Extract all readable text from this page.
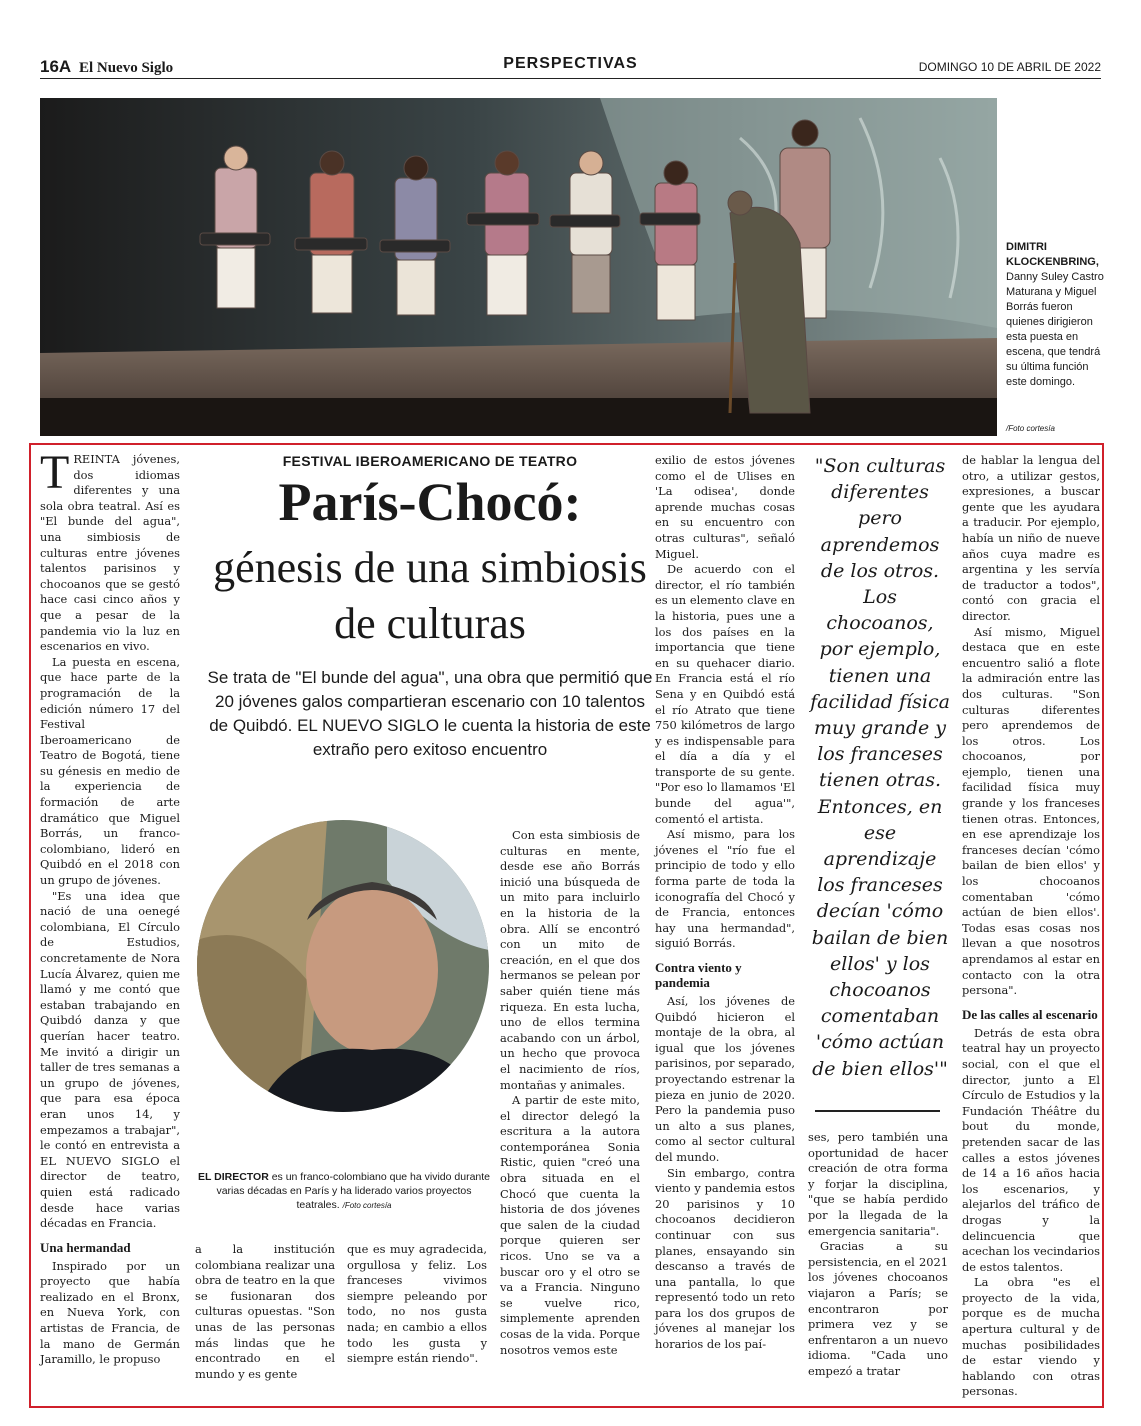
16A El Nuevo Siglo	PERSPECTIVAS	DOMINGO 10 DE ABRIL DE 2022
DIMITRI KLOCKENBRING, Danny Suley Castro Maturana y Miguel Borrás fueron quienes dirigieron esta puesta en escena, que tendrá su última función este domingo.
/Foto cortesía

TREINTA jóvenes, dos idiomas diferentes y una sola obra teatral. Así es "El bunde del agua", una simbiosis de culturas entre jóvenes talentos parisinos y chocoanos que se gestó hace casi cinco años y que a pesar de la pandemia vio la luz en escenarios en vivo.

La puesta en escena, que hace parte de la programación de la edición número 17 del Festival Iberoamericano de Teatro de Bogotá, tiene su génesis en medio de la experiencia de formación de arte dramático que Miguel Borrás, un franco-colombiano, lideró en Quibdó en el 2018 con un grupo de jóvenes.

"Es una idea que nació de una oenegé colombiana, El Círculo de Estudios, concretamente de Nora Lucía Álvarez, quien me llamó y me contó que estaban trabajando en Quibdó danza y que querían hacer teatro. Me invitó a dirigir un taller de tres semanas a un grupo de jóvenes, que para esa época eran unos 14, y empezamos a trabajar", le contó en entrevista a EL NUEVO SIGLO el director de teatro, quien está radicado desde hace varias décadas en Francia.

Una hermandad

Inspirado por un proyecto que había realizado en el Bronx, en Nueva York, con artistas de Francia, de la mano de Germán Jaramillo, le propuso

FESTIVAL IBEROAMERICANO DE TEATRO
París-Chocó:
génesis de una simbiosis de culturas
Se trata de "El bunde del agua", una obra que permitió que 20 jóvenes galos compartieran escenario con 10 talentos de Quibdó. EL NUEVO SIGLO le cuenta la historia de este extraño pero exitoso encuentro
EL DIRECTOR es un franco-colombiano que ha vivido durante varias décadas en París y ha liderado varios proyectos teatrales. /Foto cortesía

a la institución colombiana realizar una obra de teatro en la que se fusionaran dos culturas opuestas. "Son unas de las personas más lindas que he encontrado en el mundo y es gente

que es muy agradecida, orgullosa y feliz. Los franceses vivimos siempre peleando por todo, no nos gusta nada; en cambio a ellos todo les gusta y siempre están riendo".

Con esta simbiosis de culturas en mente, desde ese año Borrás inició una búsqueda de un mito para incluirlo en la historia de la obra. Allí se encontró con un mito de creación, en el que dos hermanos se pelean por saber quién tiene más riqueza. En esta lucha, uno de ellos termina acabando con un árbol, un hecho que provoca el nacimiento de ríos, montañas y animales.

A partir de este mito, el director delegó la escritura a la autora contemporánea Sonia Ristic, quien "creó una obra situada en el Chocó que cuenta la historia de dos jóvenes que salen de la ciudad porque quieren ser ricos. Uno se va a buscar oro y el otro se va a Francia. Ninguno se vuelve rico, simplemente aprenden cosas de la vida. Porque nosotros vemos este

exilio de estos jóvenes como el de Ulises en 'La odisea', donde aprende muchas cosas en su encuentro con otras culturas", señaló Miguel.

De acuerdo con el director, el río también es un elemento clave en la historia, pues une a los dos países en la importancia que tiene en su quehacer diario. En Francia está el río Sena y en Quibdó está el río Atrato que tiene 750 kilómetros de largo y es indispensable para el día a día y el transporte de su gente. "Por eso lo llamamos 'El bunde del agua'", comentó el artista.

Así mismo, para los jóvenes el "río fue el principio de todo y ello forma parte de toda la iconografía del Chocó y de Francia, entonces hay una hermandad", siguió Borrás.

Contra viento y pandemia

Así, los jóvenes de Quibdó hicieron el montaje de la obra, al igual que los jóvenes parisinos, por separado, proyectando estrenar la pieza en junio de 2020. Pero la pandemia puso un alto a sus planes, como al sector cultural del mundo.

Sin embargo, contra viento y pandemia estos 20 parisinos y 10 chocoanos decidieron continuar con sus planes, ensayando sin descanso a través de una pantalla, lo que representó todo un reto para los dos grupos de jóvenes al manejar los horarios de los paí-

"Son culturas diferentes pero aprendemos de los otros. Los chocoanos, por ejemplo, tienen una facilidad física muy grande y los franceses tienen otras. Entonces, en ese aprendizaje los franceses decían 'cómo bailan de bien ellos' y los chocoanos comentaban 'cómo actúan de bien ellos'"

ses, pero también una oportunidad de hacer creación de otra forma y forjar la disciplina, "que se había perdido por la llegada de la emergencia sanitaria".

Gracias a su persistencia, en el 2021 los jóvenes chocoanos viajaron a París; se encontraron por primera vez y se enfrentaron a un nuevo idioma. "Cada uno empezó a tratar

de hablar la lengua del otro, a utilizar gestos, expresiones, a buscar gente que les ayudara a traducir. Por ejemplo, había un niño de nueve años cuya madre es argentina y les servía de traductor a todos", contó con gracia el director.

Así mismo, Miguel destaca que en este encuentro salió a flote la admiración entre las dos culturas. "Son culturas diferentes pero aprendemos de los otros. Los chocoanos, por ejemplo, tienen una facilidad física muy grande y los franceses tienen otras. Entonces, en ese aprendizaje los franceses decían 'cómo bailan de bien ellos' y los chocoanos comentaban 'cómo actúan de bien ellos'. Todas esas cosas nos llevan a que nosotros aprendamos al estar en contacto con la otra persona".

De las calles al escenario

Detrás de esta obra teatral hay un proyecto social, con el que el director, junto a El Círculo de Estudios y la Fundación Théâtre du bout du monde, pretenden sacar de las calles a estos jóvenes de 14 a 16 años hacia los escenarios, y alejarlos del tráfico de drogas y la delincuencia que acechan los vecindarios de estos talentos.

La obra "es el proyecto de la vida, porque es de mucha apertura cultural y de muchas posibilidades de estar viendo y hablando con otras personas.
